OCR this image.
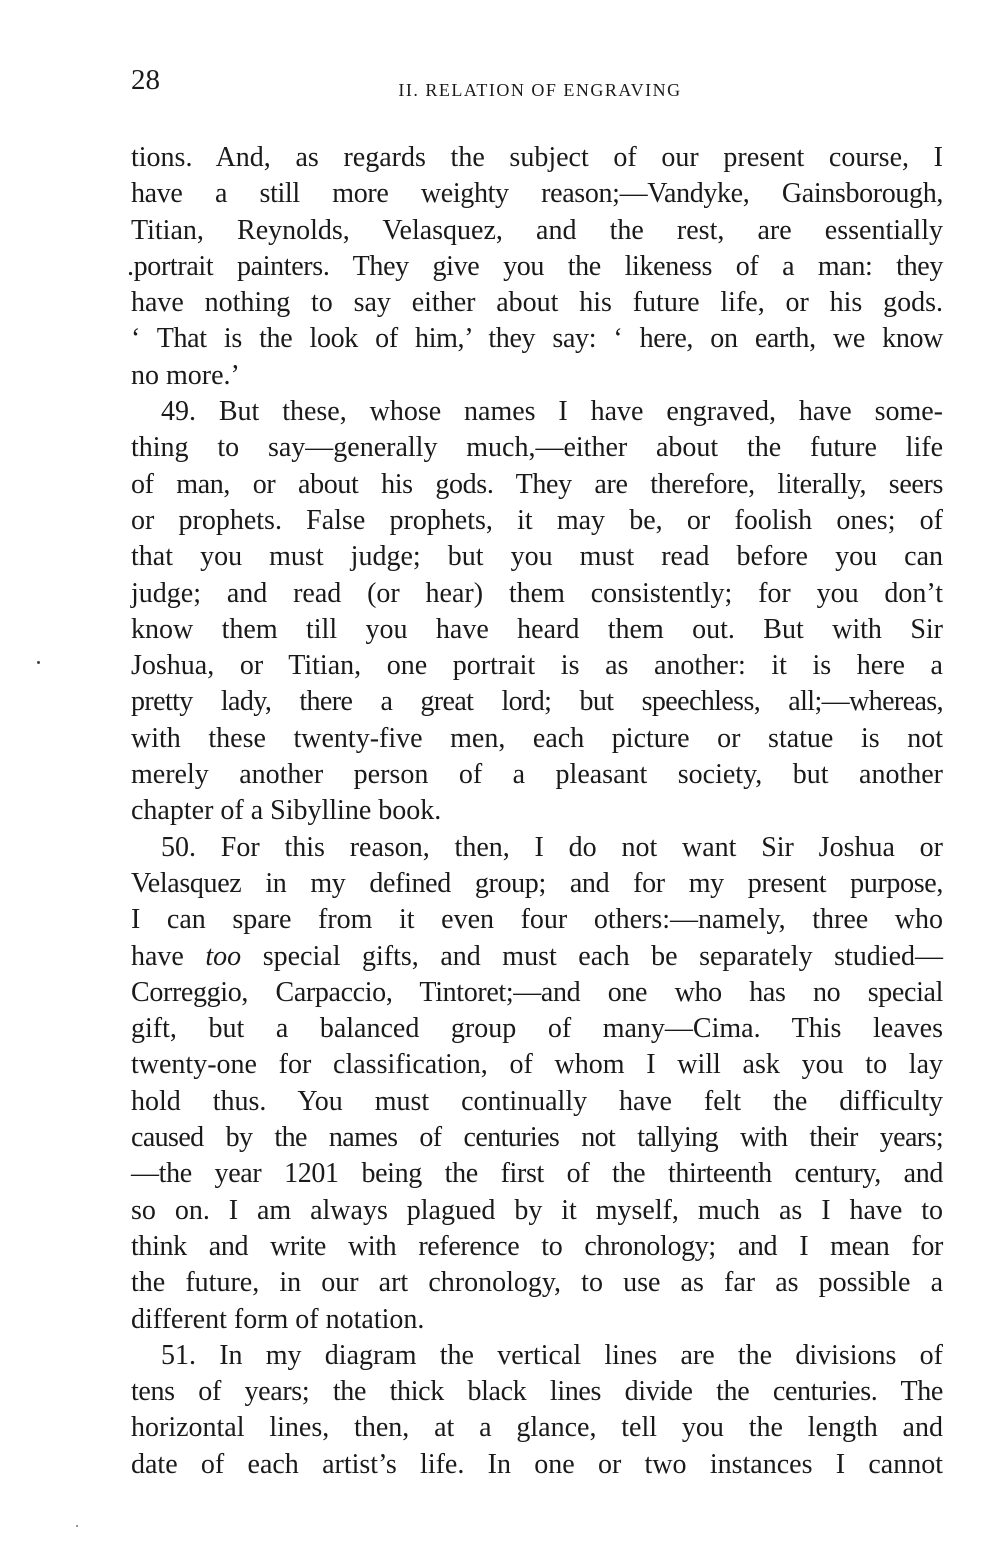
28	II. RELATION OF ENGRAVING
tions. And, as regards the subject of our present course, I
have a still more weighty reason;—Vandyke, Gainsborough,
Titian, Reynolds, Velasquez, and the rest, are essentially
.portrait painters. They give you the likeness of a man: they
have nothing to say either about his future life, or his gods.
‘ That is the look of him,’ they say: ‘ here, on earth, we know
no more.’
49. But these, whose names I have engraved, have some-
thing to say—generally much,—either about the future life
of man, or about his gods. They are therefore, literally, seers
or prophets. False prophets, it may be, or foolish ones; of
that you must judge; but you must read before you can
judge; and read (or hear) them consistently; for you don’t
know them till you have heard them out. But with Sir
Joshua, or Titian, one portrait is as another: it is here a
pretty lady, there a great lord; but speechless, all;—whereas,
with these twenty-five men, each picture or statue is not
merely another person of a pleasant society, but another
chapter of a Sibylline book.
50. For this reason, then, I do not want Sir Joshua or
Velasquez in my defined group; and for my present purpose,
I can spare from it even four others:—namely, three who
have too special gifts, and must each be separately studied—
Correggio, Carpaccio, Tintoret;—and one who has no special
gift, but a balanced group of many—Cima. This leaves
twenty-one for classification, of whom I will ask you to lay
hold thus. You must continually have felt the difficulty
caused by the names of centuries not tallying with their years;
—the year 1201 being the first of the thirteenth century, and
so on. I am always plagued by it myself, much as I have to
think and write with reference to chronology; and I mean for
the future, in our art chronology, to use as far as possible a
different form of notation.
51. In my diagram the vertical lines are the divisions of
tens of years; the thick black lines divide the centuries. The
horizontal lines, then, at a glance, tell you the length and
date of each artist’s life. In one or two instances I cannot
